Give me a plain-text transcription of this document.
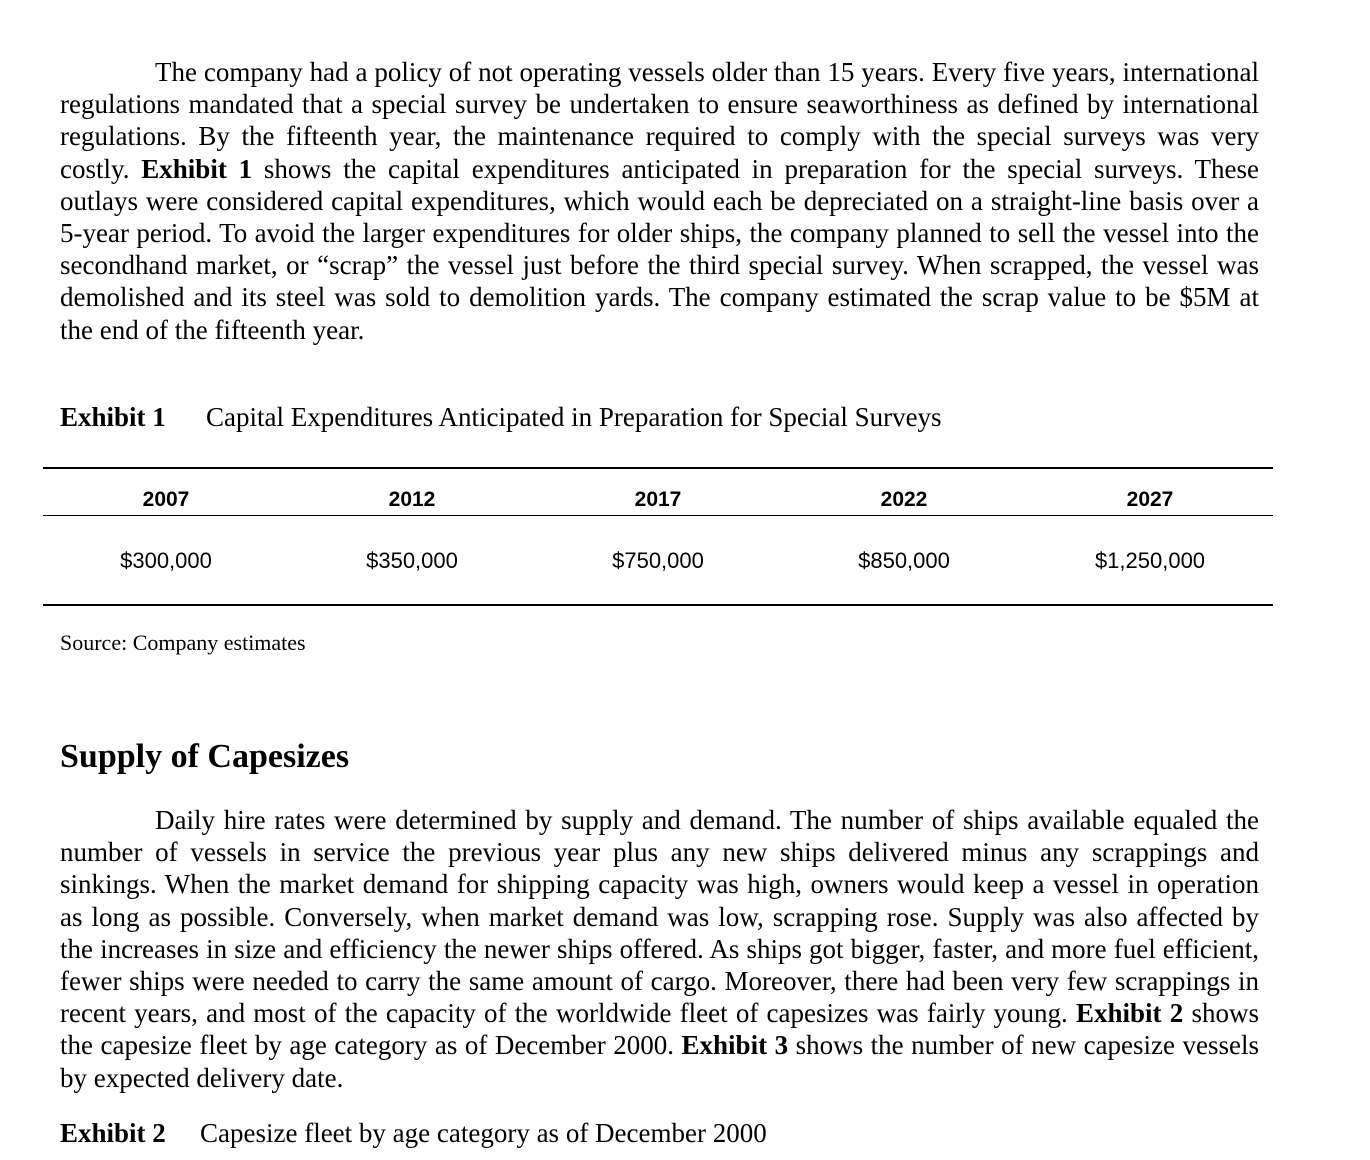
The company had a policy of not operating vessels older than 15 years. Every five years, international regulations mandated that a special survey be undertaken to ensure seaworthiness as defined by international regulations. By the fifteenth year, the maintenance required to comply with the special surveys was very costly. Exhibit 1 shows the capital expenditures anticipated in preparation for the special surveys. These outlays were considered capital expenditures, which would each be depreciated on a straight-line basis over a 5-year period. To avoid the larger expenditures for older ships, the company planned to sell the vessel into the secondhand market, or “scrap” the vessel just before the third special survey. When scrapped, the vessel was demolished and its steel was sold to demolition yards. The company estimated the scrap value to be $5M at the end of the fifteenth year.

Exhibit 1 Capital Expenditures Anticipated in Preparation for Special Surveys
2007	2012	2017	2022	2027
$300,000	$350,000	$750,000	$850,000	$1,250,000
Source: Company estimates
Supply of Capesizes

Daily hire rates were determined by supply and demand. The number of ships available equaled the number of vessels in service the previous year plus any new ships delivered minus any scrappings and sinkings. When the market demand for shipping capacity was high, owners would keep a vessel in operation as long as possible. Conversely, when market demand was low, scrapping rose. Supply was also affected by the increases in size and efficiency the newer ships offered. As ships got bigger, faster, and more fuel efficient, fewer ships were needed to carry the same amount of cargo. Moreover, there had been very few scrappings in recent years, and most of the capacity of the worldwide fleet of capesizes was fairly young. Exhibit 2 shows the capesize fleet by age category as of December 2000. Exhibit 3 shows the number of new capesize vessels by expected delivery date.

Exhibit 2 Capesize fleet by age category as of December 2000
